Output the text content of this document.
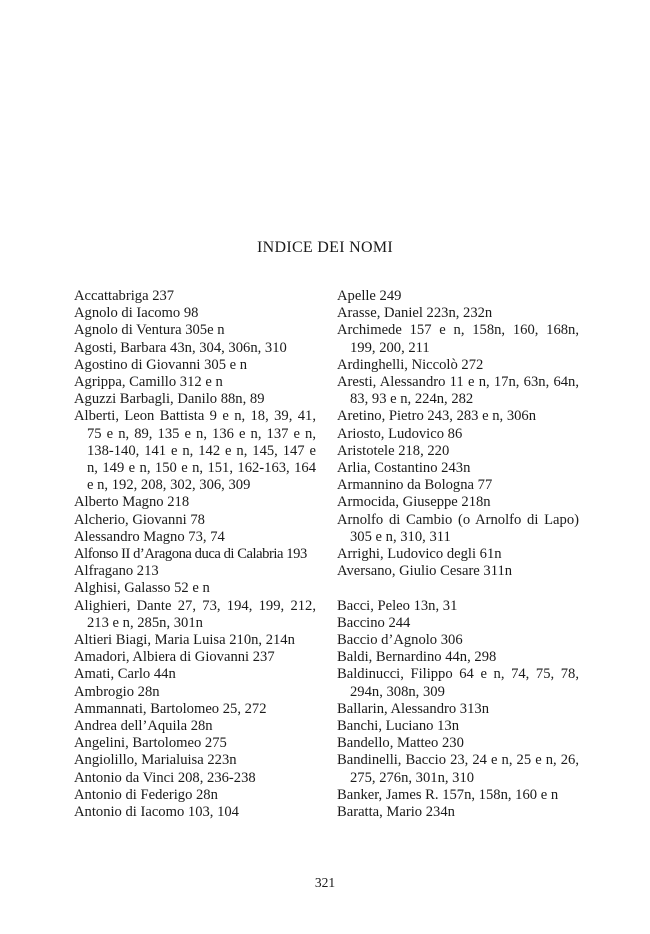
INDICE DEI NOMI
Accattabriga 237
Agnolo di Iacomo 98
Agnolo di Ventura 305e n
Agosti, Barbara 43n, 304, 306n, 310
Agostino di Giovanni 305 e n
Agrippa, Camillo 312 e n
Aguzzi Barbagli, Danilo 88n, 89
Alberti, Leon Battista 9 e n, 18, 39, 41, 75 e n, 89, 135 e n, 136 e n, 137 e n, 138-140, 141 e n, 142 e n, 145, 147 e n, 149 e n, 150 e n, 151, 162-163, 164 e n, 192, 208, 302, 306, 309
Alberto Magno 218
Alcherio, Giovanni 78
Alessandro Magno 73, 74
Alfonso II d’Aragona duca di Calabria 193
Alfragano 213
Alghisi, Galasso 52 e n
Alighieri, Dante 27, 73, 194, 199, 212, 213 e n, 285n, 301n
Altieri Biagi, Maria Luisa 210n, 214n
Amadori, Albiera di Giovanni 237
Amati, Carlo 44n
Ambrogio 28n
Ammannati, Bartolomeo 25, 272
Andrea dell’Aquila 28n
Angelini, Bartolomeo 275
Angiolillo, Marialuisa 223n
Antonio da Vinci 208, 236-238
Antonio di Federigo 28n
Antonio di Iacomo 103, 104
Apelle 249
Arasse, Daniel 223n, 232n
Archimede 157 e n, 158n, 160, 168n, 199, 200, 211
Ardinghelli, Niccolò 272
Aresti, Alessandro 11 e n, 17n, 63n, 64n, 83, 93 e n, 224n, 282
Aretino, Pietro 243, 283 e n, 306n
Ariosto, Ludovico 86
Aristotele 218, 220
Arlia, Costantino 243n
Armannino da Bologna 77
Armocida, Giuseppe 218n
Arnolfo di Cambio (o Arnolfo di Lapo) 305 e n, 310, 311
Arrighi, Ludovico degli 61n
Aversano, Giulio Cesare 311n
Bacci, Peleo 13n, 31
Baccino 244
Baccio d’Agnolo 306
Baldi, Bernardino 44n, 298
Baldinucci, Filippo 64 e n, 74, 75, 78, 294n, 308n, 309
Ballarin, Alessandro 313n
Banchi, Luciano 13n
Bandello, Matteo 230
Bandinelli, Baccio 23, 24 e n, 25 e n, 26, 275, 276n, 301n, 310
Banker, James R. 157n, 158n, 160 e n
Baratta, Mario 234n
321
